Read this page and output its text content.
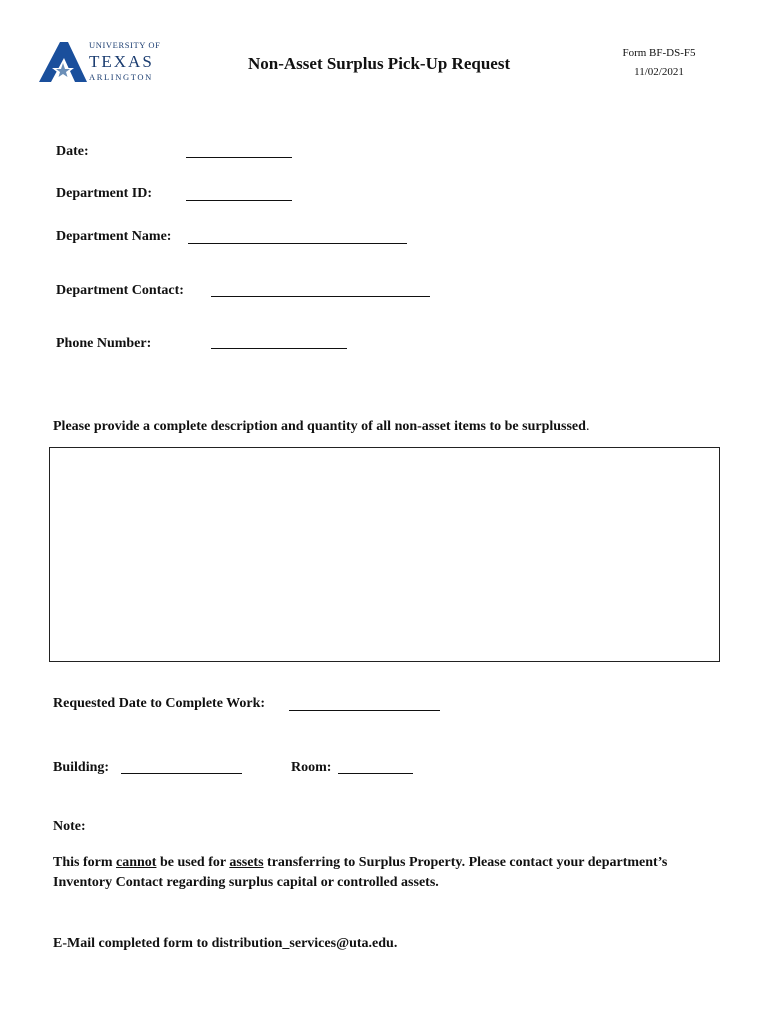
UNIVERSITY OF
TEXAS
ARLINGTON
Non-Asset Surplus Pick-Up Request
Form BF-DS-F5
11/02/2021
Date:
Department ID:
Department Name:
Department Contact:
Phone Number:
Please provide a complete description and quantity of all non-asset items to be surplussed.
Requested Date to Complete Work:
Building:	Room:
Note:
This form cannot be used for assets transferring to Surplus Property. Please contact your department’s
Inventory Contact regarding surplus capital or controlled assets.
E-Mail completed form to distribution_services@uta.edu.
